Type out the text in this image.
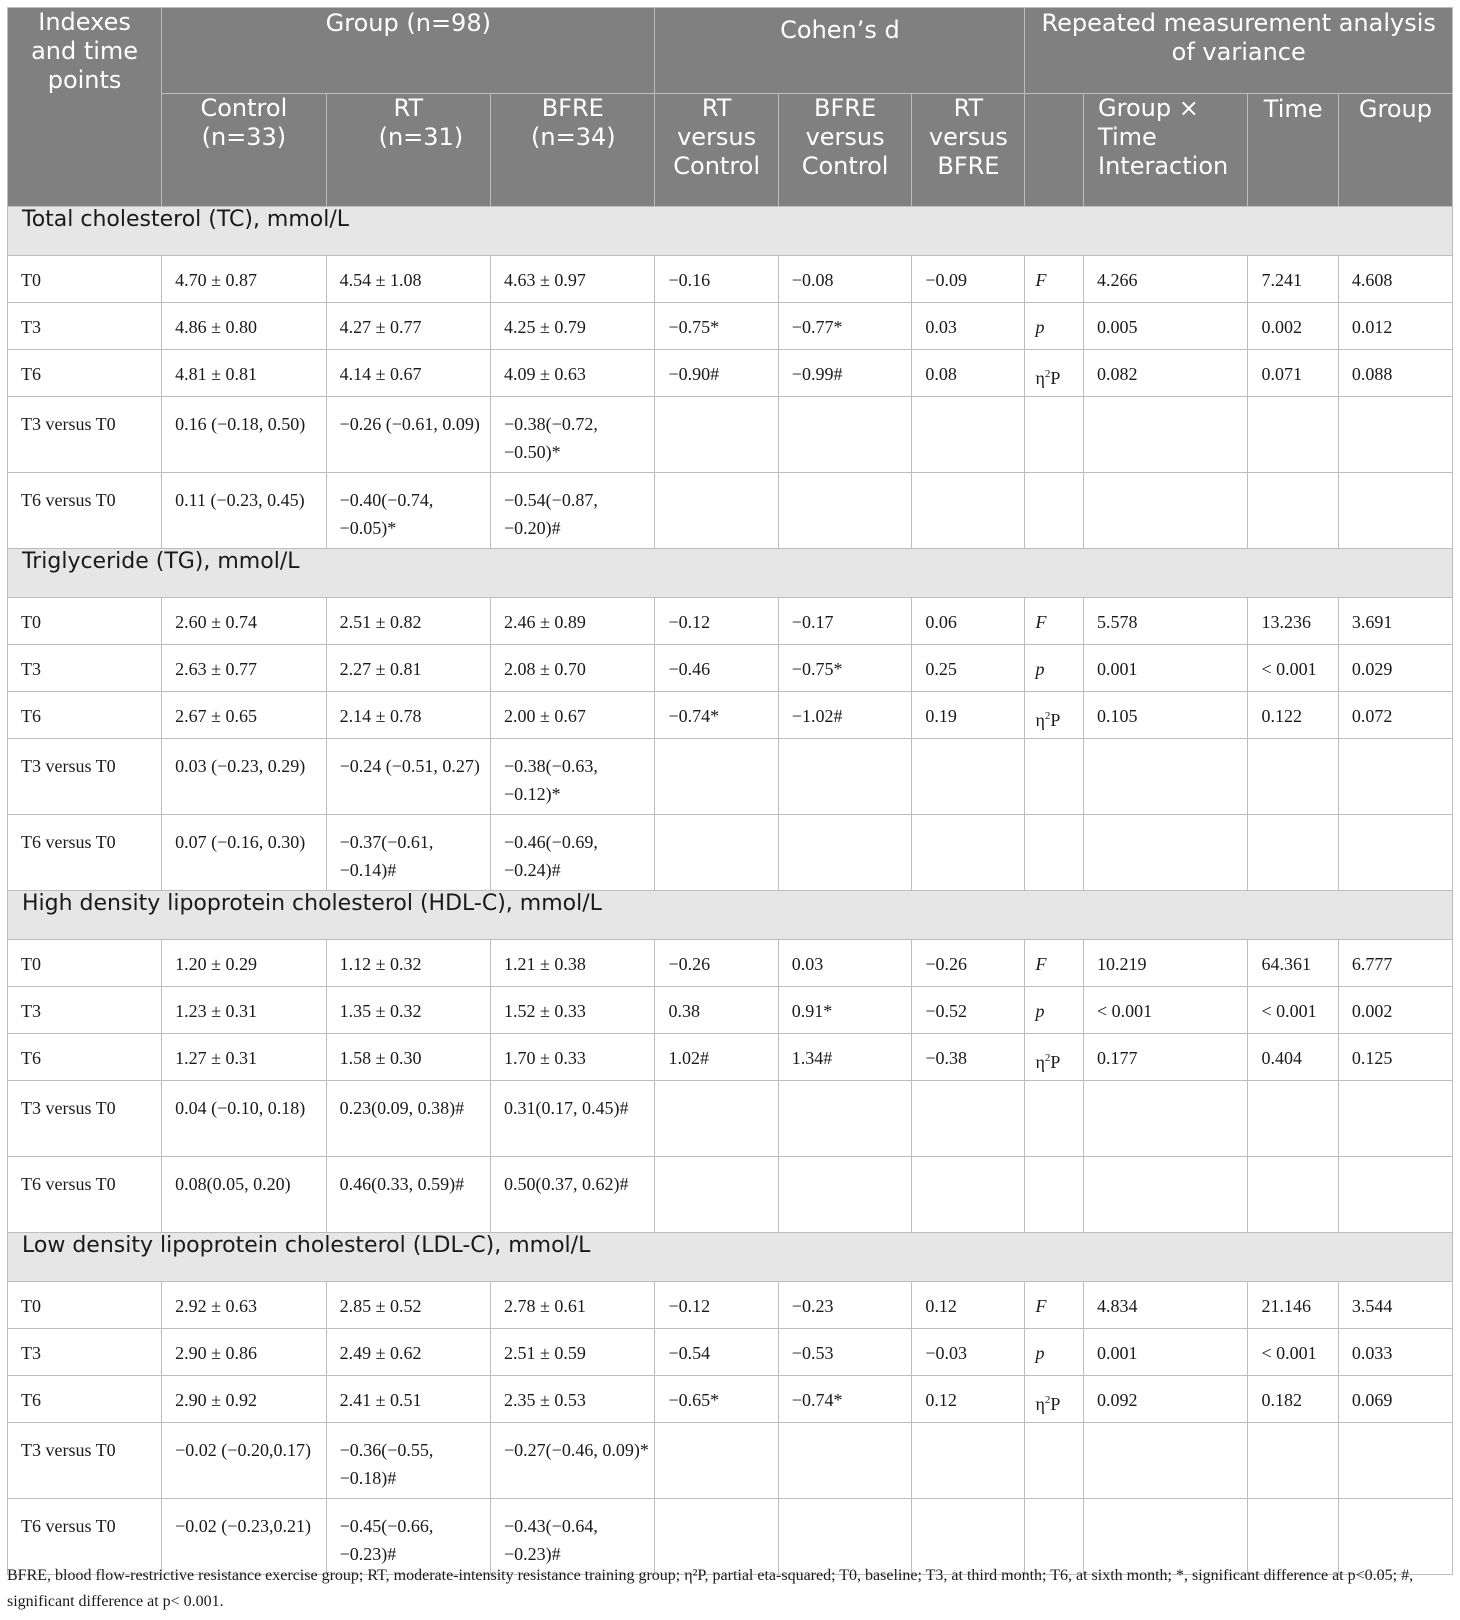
Indexes and time points	Group (n=98)			Cohen’s d			Repeated measurement analysis of variance			
	Control (n=33)	RT (n=31)	BFRE (n=34)	RT versus Control	BFRE versus Control	RT versus BFRE		Group × Time Interaction	Time	Group
Total cholesterol (TC), mmol/L										
T0	4.70 ± 0.87	4.54 ± 1.08	4.63 ± 0.97	−0.16	−0.08	−0.09	F	4.266	7.241	4.608
T3	4.86 ± 0.80	4.27 ± 0.77	4.25 ± 0.79	−0.75*	−0.77*	0.03	p	0.005	0.002	0.012
T6	4.81 ± 0.81	4.14 ± 0.67	4.09 ± 0.63	−0.90#	−0.99#	0.08	$\eta^2P$	0.082	0.071	0.088
T3 versus T0	0.16 (−0.18, 0.50)	−0.26 (−0.61, 0.09)	−0.38(−0.72, −0.50)*							
T6 versus T0	0.11 (−0.23, 0.45)	−0.40(−0.74, −0.05)*	−0.54(−0.87, −0.20)#							
Triglyceride (TG), mmol/L										
T0	2.60 ± 0.74	2.51 ± 0.82	2.46 ± 0.89	−0.12	−0.17	0.06	F	5.578	13.236	3.691
T3	2.63 ± 0.77	2.27 ± 0.81	2.08 ± 0.70	−0.46	−0.75*	0.25	p	0.001	< 0.001	0.029
T6	2.67 ± 0.65	2.14 ± 0.78	2.00 ± 0.67	−0.74*	−1.02#	0.19	$\eta^2P$	0.105	0.122	0.072
T3 versus T0	0.03 (−0.23, 0.29)	−0.24 (−0.51, 0.27)	−0.38(−0.63, −0.12)*							
T6 versus T0	0.07 (−0.16, 0.30)	−0.37(−0.61, −0.14)#	−0.46(−0.69, −0.24)#							
High density lipoprotein cholesterol (HDL-C), mmol/L										
T0	1.20 ± 0.29	1.12 ± 0.32	1.21 ± 0.38	−0.26	0.03	−0.26	F	10.219	64.361	6.777
T3	1.23 ± 0.31	1.35 ± 0.32	1.52 ± 0.33	0.38	0.91*	−0.52	p	< 0.001	< 0.001	0.002
T6	1.27 ± 0.31	1.58 ± 0.30	1.70 ± 0.33	1.02#	1.34#	−0.38	$\eta^2P$	0.177	0.404	0.125
T3 versus T0	0.04 (−0.10, 0.18)	0.23(0.09, 0.38)#	0.31(0.17, 0.45)#							
T6 versus T0	0.08(0.05, 0.20)	0.46(0.33, 0.59)#	0.50(0.37, 0.62)#							
Low density lipoprotein cholesterol (LDL-C), mmol/L										
T0	2.92 ± 0.63	2.85 ± 0.52	2.78 ± 0.61	−0.12	−0.23	0.12	F	4.834	21.146	3.544
T3	2.90 ± 0.86	2.49 ± 0.62	2.51 ± 0.59	−0.54	−0.53	−0.03	p	0.001	< 0.001	0.033
T6	2.90 ± 0.92	2.41 ± 0.51	2.35 ± 0.53	−0.65*	−0.74*	0.12	$\eta^2P$	0.092	0.182	0.069
T3 versus T0	−0.02 (−0.20,0.17)	−0.36(−0.55, −0.18)#	−0.27(−0.46, 0.09)*							
T6 versus T0	−0.02 (−0.23,0.21)	−0.45(−0.66, −0.23)#	−0.43(−0.64, −0.23)#							
BFRE, blood flow-restrictive resistance exercise group; RT, moderate-intensity resistance training group; η²P, partial eta-squared; T0, baseline; T3, at third month; T6, at sixth month; *, significant difference at p<0.05; #, significant difference at p< 0.001.
